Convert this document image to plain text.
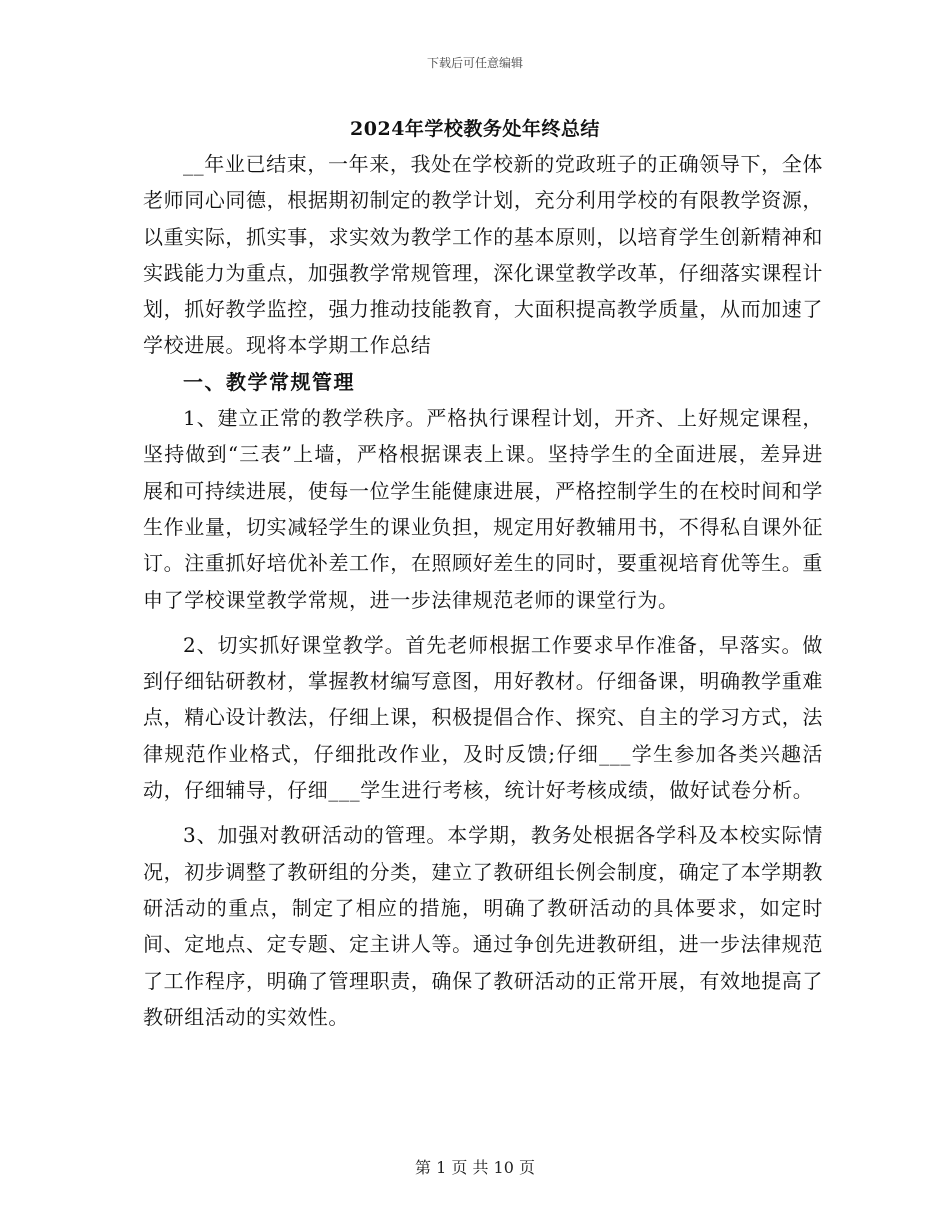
下载后可任意编辑
2024年学校教务处年终总结

__年业已结束，一年来，我处在学校新的党政班子的正确领导下，全体老师同心同德，根据期初制定的教学计划，充分利用学校的有限教学资源，以重实际，抓实事，求实效为教学工作的基本原则，以培育学生创新精神和实践能力为重点，加强教学常规管理，深化课堂教学改革，仔细落实课程计划，抓好教学监控，强力推动技能教育，大面积提高教学质量，从而加速了学校进展。现将本学期工作总结

一、教学常规管理

1、建立正常的教学秩序。严格执行课程计划，开齐、上好规定课程，坚持做到“三表”上墙，严格根据课表上课。坚持学生的全面进展，差异进展和可持续进展，使每一位学生能健康进展，严格控制学生的在校时间和学生作业量，切实减轻学生的课业负担，规定用好教辅用书，不得私自课外征订。注重抓好培优补差工作，在照顾好差生的同时，要重视培育优等生。重申了学校课堂教学常规，进一步法律规范老师的课堂行为。

2、切实抓好课堂教学。首先老师根据工作要求早作准备，早落实。做到仔细钻研教材，掌握教材编写意图，用好教材。仔细备课，明确教学重难点，精心设计教法，仔细上课，积极提倡合作、探究、自主的学习方式，法律规范作业格式，仔细批改作业，及时反馈;仔细___学生参加各类兴趣活动，仔细辅导，仔细___学生进行考核，统计好考核成绩，做好试卷分析。

3、加强对教研活动的管理。本学期，教务处根据各学科及本校实际情况，初步调整了教研组的分类，建立了教研组长例会制度，确定了本学期教研活动的重点，制定了相应的措施，明确了教研活动的具体要求，如定时间、定地点、定专题、定主讲人等。通过争创先进教研组，进一步法律规范了工作程序，明确了管理职责，确保了教研活动的正常开展，有效地提高了教研组活动的实效性。

第 1 页 共 10 页
